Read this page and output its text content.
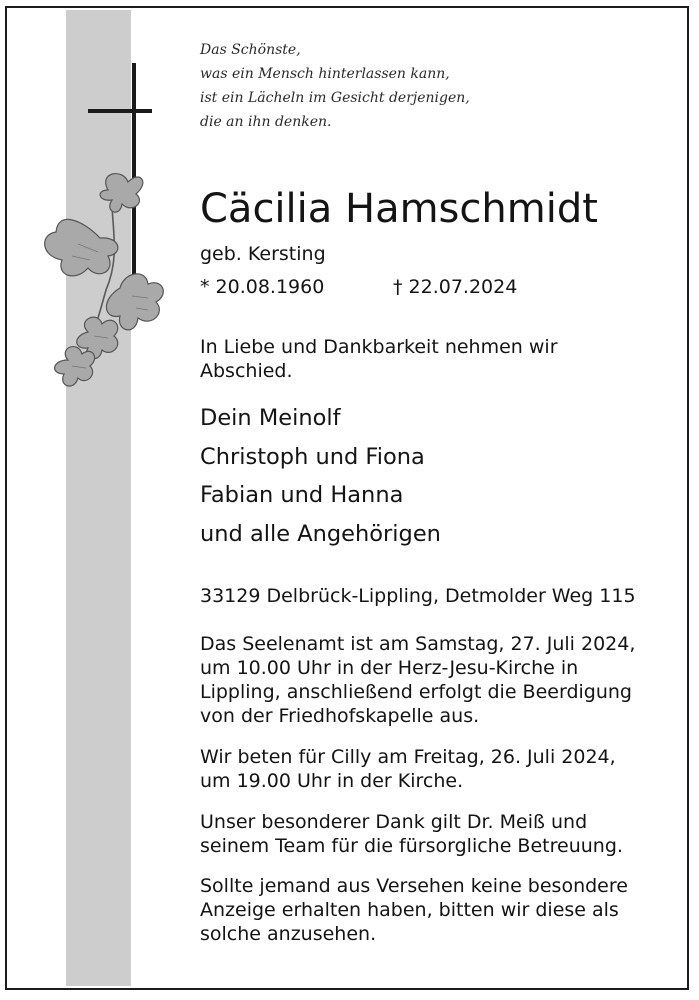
Das Schönste,
was ein Mensch hinterlassen kann,
ist ein Lächeln im Gesicht derjenigen,
die an ihn denken.
Cäcilia Hamschmidt
geb. Kersting
* 20.08.1960	† 22.07.2024
In Liebe und Dankbarkeit nehmen wir
Abschied.
Dein Meinolf
Christoph und Fiona
Fabian und Hanna
und alle Angehörigen
33129 Delbrück-Lippling, Detmolder Weg 115
Das Seelenamt ist am Samstag, 27. Juli 2024,
um 10.00 Uhr in der Herz-Jesu-Kirche in
Lippling, anschließend erfolgt die Beerdigung
von der Friedhofskapelle aus.
Wir beten für Cilly am Freitag, 26. Juli 2024,
um 19.00 Uhr in der Kirche.
Unser besonderer Dank gilt Dr. Meiß und
seinem Team für die fürsorgliche Betreuung.
Sollte jemand aus Versehen keine besondere
Anzeige erhalten haben, bitten wir diese als
solche anzusehen.
